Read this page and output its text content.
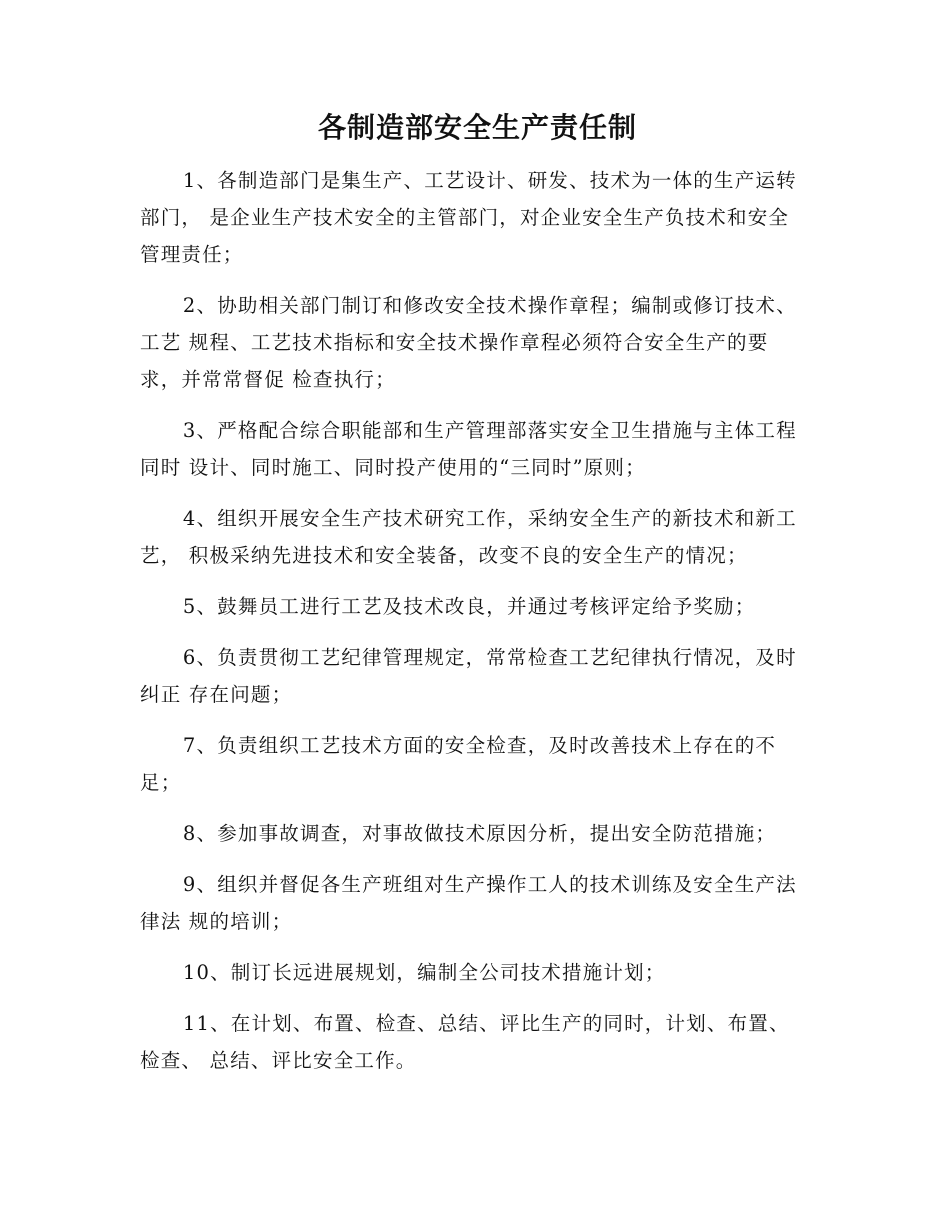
各制造部安全生产责任制

1、各制造部门是集生产、工艺设计、研发、技术为一体的生产运转部门， 是企业生产技术安全的主管部门，对企业安全生产负技术和安全管理责任；

2、协助相关部门制订和修改安全技术操作章程；编制或修订技术、工艺 规程、工艺技术指标和安全技术操作章程必须符合安全生产的要求，并常常督促 检查执行；

3、严格配合综合职能部和生产管理部落实安全卫生措施与主体工程同时 设计、同时施工、同时投产使用的“三同时”原则；

4、组织开展安全生产技术研究工作，采纳安全生产的新技术和新工艺， 积极采纳先进技术和安全装备，改变不良的安全生产的情况；

5、鼓舞员工进行工艺及技术改良，并通过考核评定给予奖励；

6、负责贯彻工艺纪律管理规定，常常检查工艺纪律执行情况，及时纠正 存在问题；

7、负责组织工艺技术方面的安全检查，及时改善技术上存在的不足；

8、参加事故调查，对事故做技术原因分析，提出安全防范措施；

9、组织并督促各生产班组对生产操作工人的技术训练及安全生产法律法 规的培训；

10、制订长远进展规划，编制全公司技术措施计划；

11、在计划、布置、检查、总结、评比生产的同时，计划、布置、检查、 总结、评比安全工作。
